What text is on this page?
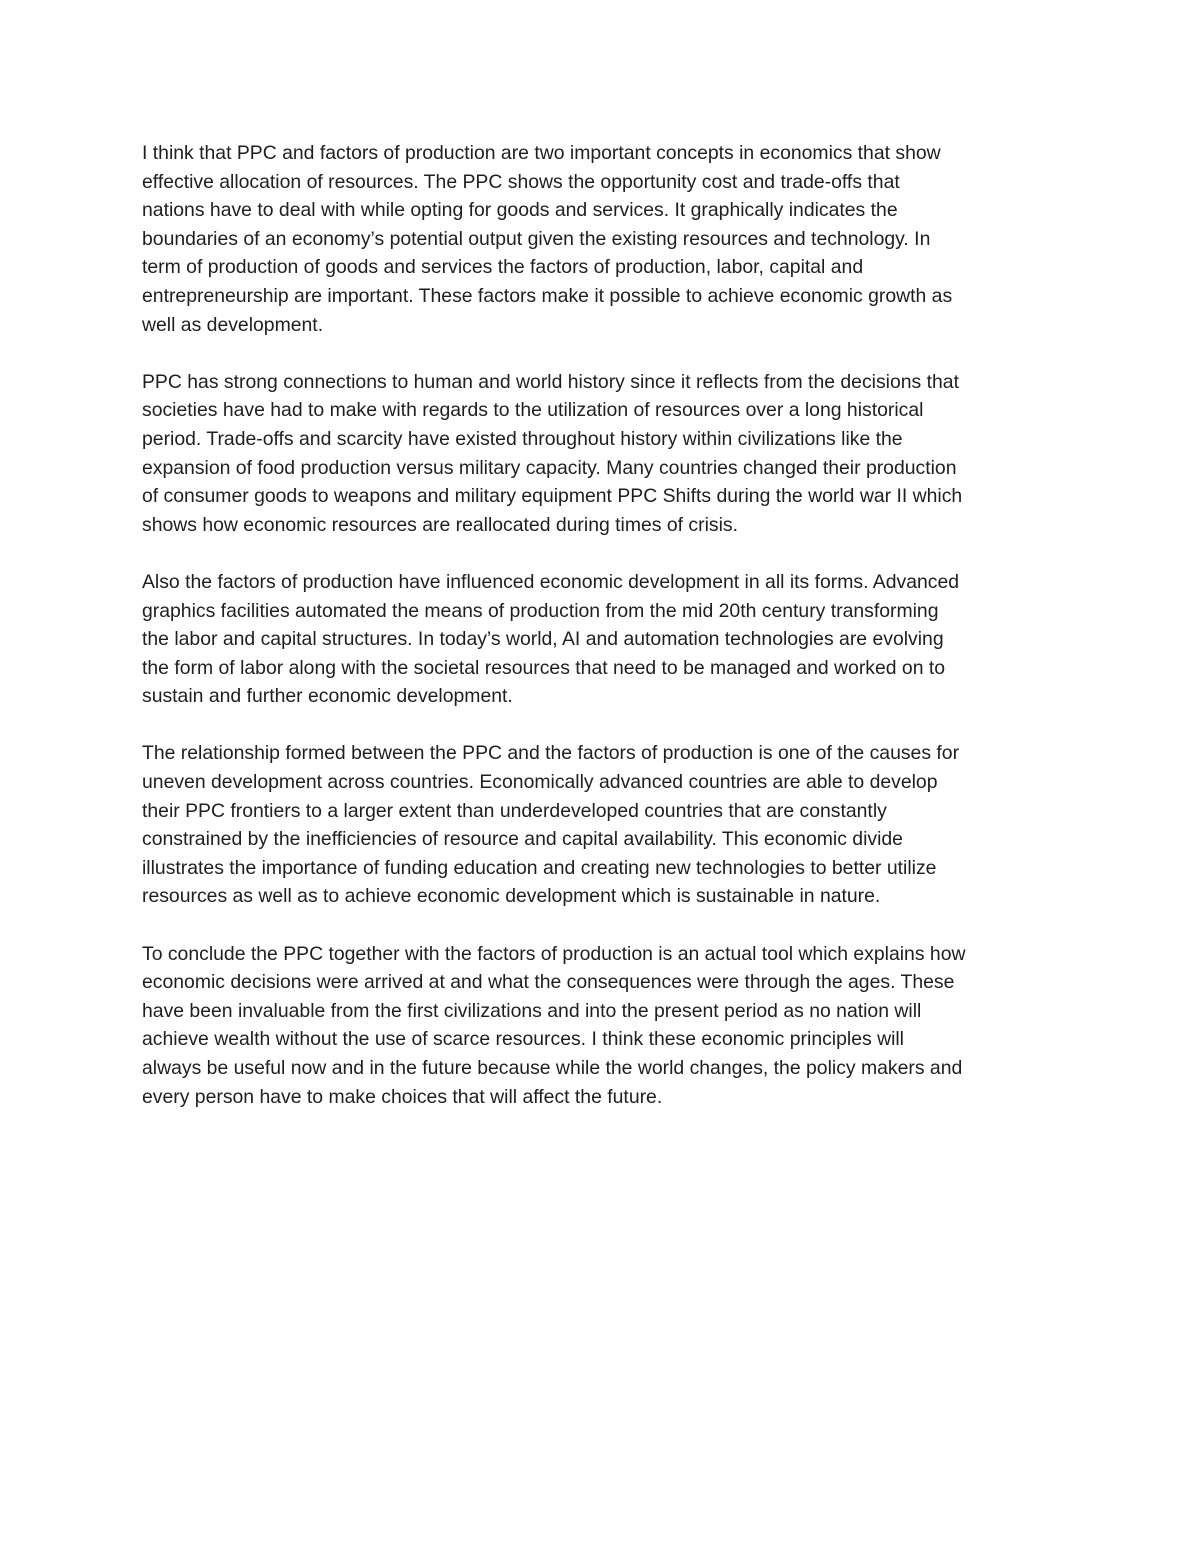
I think that PPC and factors of production are two important concepts in economics that show
effective allocation of resources. The PPC shows the opportunity cost and trade-offs that
nations have to deal with while opting for goods and services. It graphically indicates the
boundaries of an economy’s potential output given the existing resources and technology. In
term of production of goods and services the factors of production, labor, capital and
entrepreneurship are important. These factors make it possible to achieve economic growth as
well as development.

PPC has strong connections to human and world history since it reflects from the decisions that
societies have had to make with regards to the utilization of resources over a long historical
period. Trade-offs and scarcity have existed throughout history within civilizations like the
expansion of food production versus military capacity. Many countries changed their production
of consumer goods to weapons and military equipment PPC Shifts during the world war II which
shows how economic resources are reallocated during times of crisis.

Also the factors of production have influenced economic development in all its forms. Advanced
graphics facilities automated the means of production from the mid 20th century transforming
the labor and capital structures. In today’s world, AI and automation technologies are evolving
the form of labor along with the societal resources that need to be managed and worked on to
sustain and further economic development.

The relationship formed between the PPC and the factors of production is one of the causes for
uneven development across countries. Economically advanced countries are able to develop
their PPC frontiers to a larger extent than underdeveloped countries that are constantly
constrained by the inefficiencies of resource and capital availability. This economic divide
illustrates the importance of funding education and creating new technologies to better utilize
resources as well as to achieve economic development which is sustainable in nature.

To conclude the PPC together with the factors of production is an actual tool which explains how
economic decisions were arrived at and what the consequences were through the ages. These
have been invaluable from the first civilizations and into the present period as no nation will
achieve wealth without the use of scarce resources. I think these economic principles will
always be useful now and in the future because while the world changes, the policy makers and
every person have to make choices that will affect the future.
